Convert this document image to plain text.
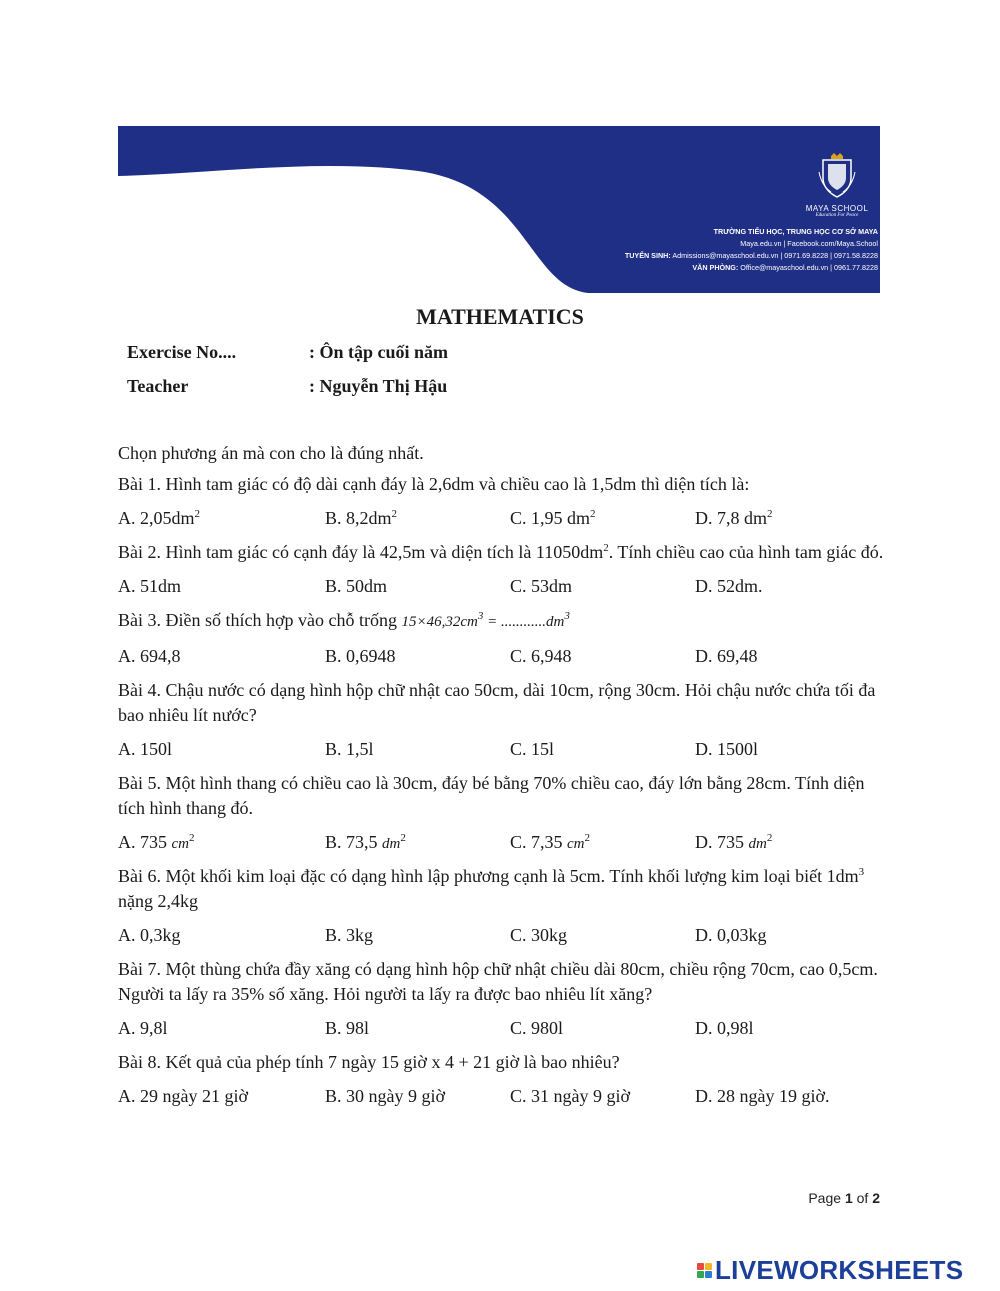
MAYA SCHOOL
Education For Peace
TRƯỜNG TIỂU HỌC, TRUNG HỌC CƠ SỞ MAYA
Maya.edu.vn | Facebook.com/Maya.School
TUYỂN SINH: Admissions@mayaschool.edu.vn | 0971.69.8228 | 0971.58.8228
VĂN PHÒNG: Office@mayaschool.edu.vn | 0961.77.8228
MATHEMATICS
Exercise No....	: Ôn tập cuối năm
Teacher	: Nguyễn Thị Hậu

Chọn phương án mà con cho là đúng nhất.

Bài 1. Hình tam giác có độ dài cạnh đáy là 2,6dm và chiều cao là 1,5dm thì diện tích là:

A. $2,05dm^2$	B. $8,2dm^2$	C. 1,95 $dm^2$	D. 7,8 $dm^2$

Bài 2. Hình tam giác có cạnh đáy là 42,5m và diện tích là $11050dm^2$. Tính chiều cao của hình tam giác đó.

A. 51dm	B. 50dm	C. 53dm	D. 52dm.

Bài 3. Điền số thích hợp vào chỗ trống $15\times 46,32cm^3 = ............dm^3$

A. 694,8	B. 0,6948	C. 6,948	D. 69,48

Bài 4. Chậu nước có dạng hình hộp chữ nhật cao 50cm, dài 10cm, rộng 30cm. Hỏi chậu nước chứa tối đa bao nhiêu lít nước?

A. 150l	B. 1,5l	C. 15l	D. 1500l

Bài 5. Một hình thang có chiều cao là 30cm, đáy bé bằng 70% chiều cao, đáy lớn bằng 28cm. Tính diện tích hình thang đó.

A. 735 $cm^2$	B. 73,5 $dm^2$	C. 7,35 $cm^2$	D. 735 $dm^2$

Bài 6. Một khối kim loại đặc có dạng hình lập phương cạnh là 5cm. Tính khối lượng kim loại biết $1dm^3$ nặng 2,4kg

A. 0,3kg	B. 3kg	C. 30kg	D. 0,03kg

Bài 7. Một thùng chứa đầy xăng có dạng hình hộp chữ nhật chiều dài 80cm, chiều rộng 70cm, cao 0,5cm. Người ta lấy ra 35% số xăng. Hỏi người ta lấy ra được bao nhiêu lít xăng?

A. 9,8l	B. 98l	C. 980l	D. 0,98l

Bài 8. Kết quả của phép tính 7 ngày 15 giờ x 4 + 21 giờ là bao nhiêu?

A. 29 ngày 21 giờ	B. 30 ngày 9 giờ	C. 31 ngày 9 giờ	D. 28 ngày 19 giờ.
Page 1 of 2
LIVEWORKSHEETS
